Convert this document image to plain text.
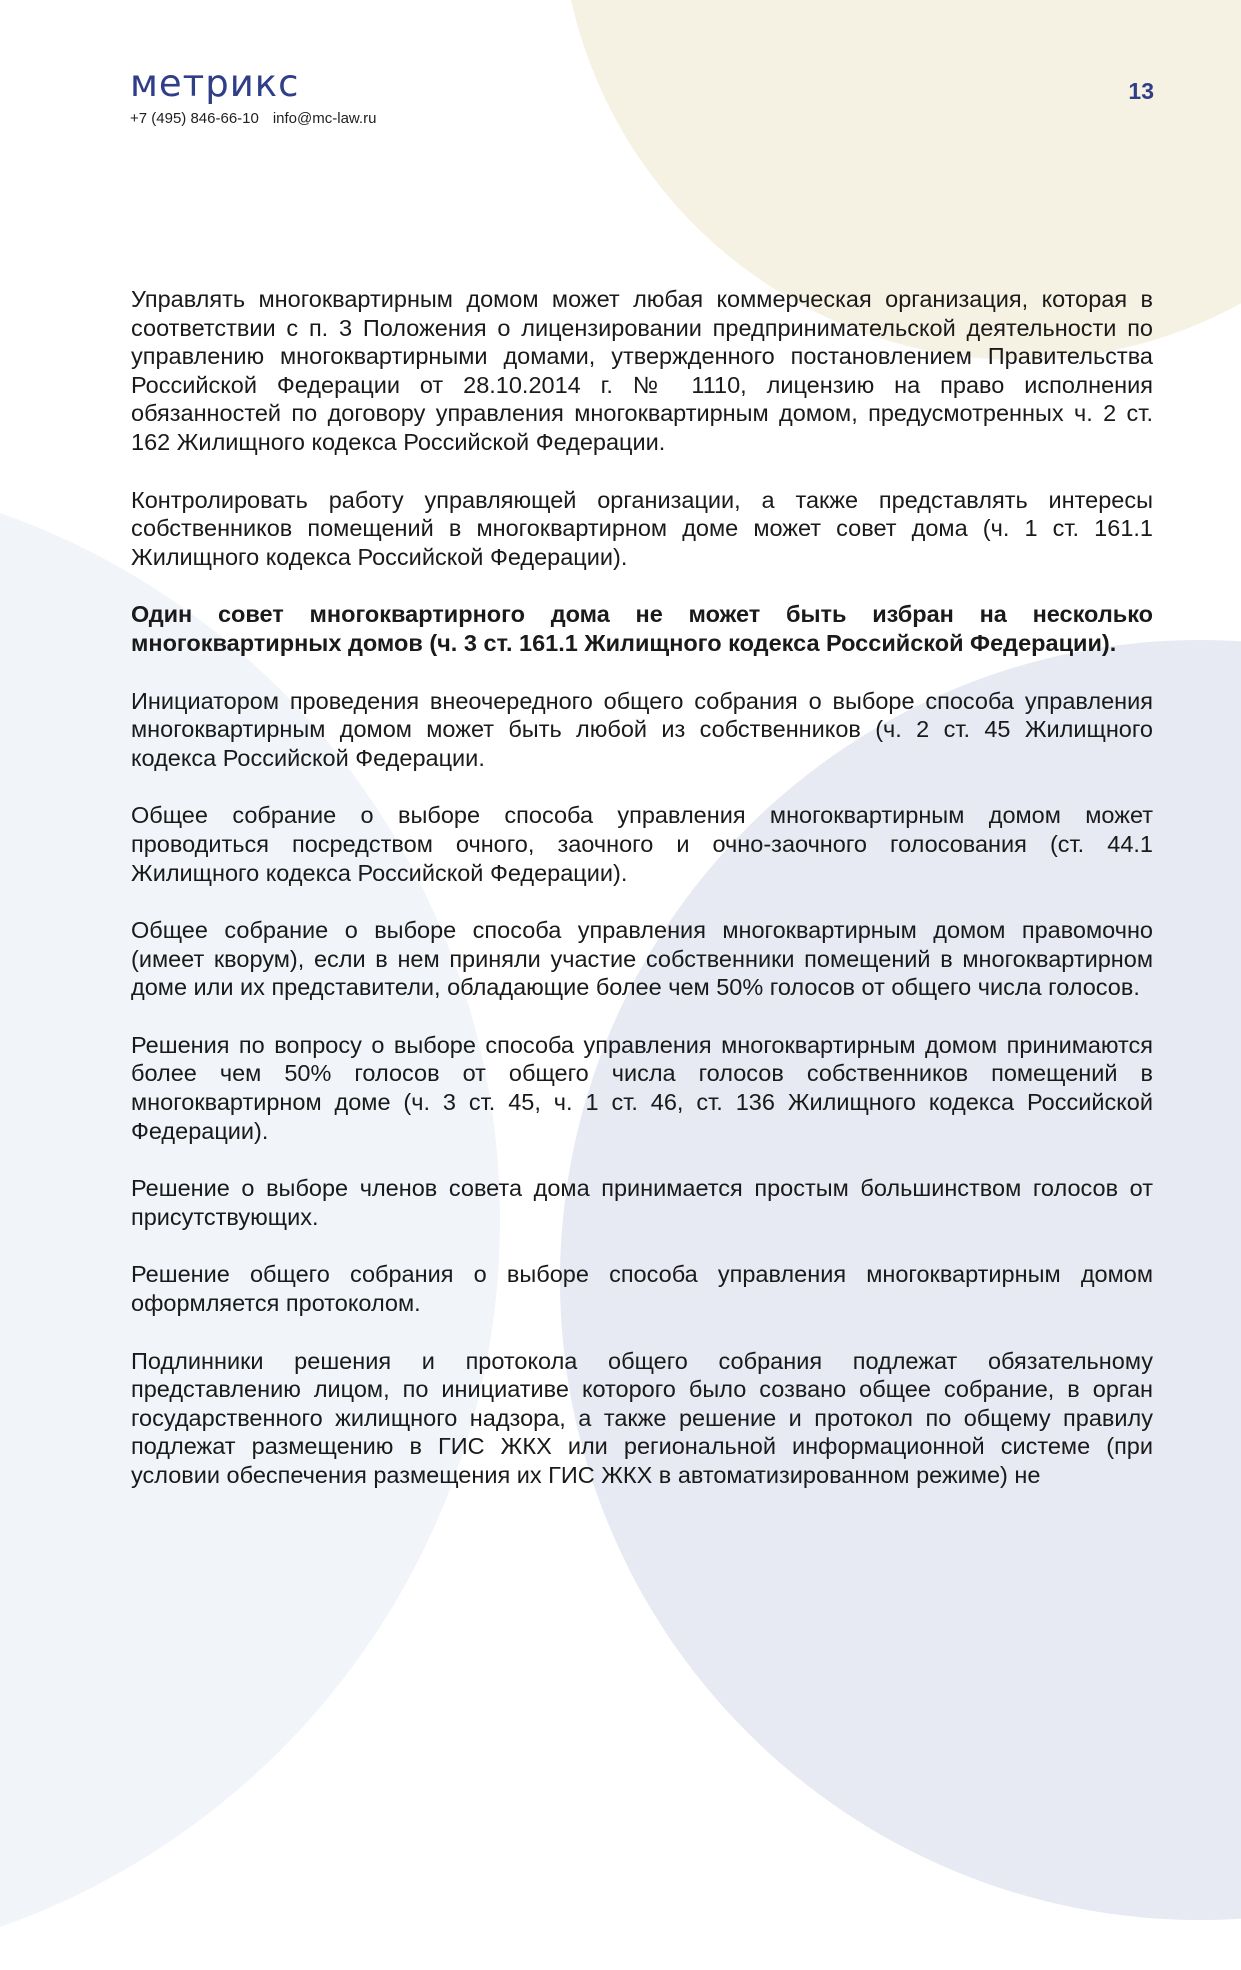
метрикс
+7 (495) 846-66-10 info@mc-law.ru
13

Управлять многоквартирным домом может любая коммерческая организация, которая в соответствии с п. 3 Положения о лицензировании предпринимательской деятельности по управлению многоквартирными домами, утвержденного постановлением Правительства Российской Федерации от 28.10.2014 г. № 1110, лицензию на право исполнения обязанностей по договору управления многоквартирным домом, предусмотренных ч. 2 ст. 162 Жилищного кодекса Российской Федерации.

Контролировать работу управляющей организации, а также представлять интересы собственников помещений в многоквартирном доме может совет дома (ч. 1 ст. 161.1 Жилищного кодекса Российской Федерации).

Один совет многоквартирного дома не может быть избран на несколько многоквартирных домов (ч. 3 ст. 161.1 Жилищного кодекса Российской Федерации).

Инициатором проведения внеочередного общего собрания о выборе способа управления многоквартирным домом может быть любой из собственников (ч. 2 ст. 45 Жилищного кодекса Российской Федерации.

Общее собрание о выборе способа управления многоквартирным домом может проводиться посредством очного, заочного и очно-заочного голосования (ст. 44.1 Жилищного кодекса Российской Федерации).

Общее собрание о выборе способа управления многоквартирным домом правомочно (имеет кворум), если в нем приняли участие собственники помещений в многоквартирном доме или их представители, обладающие более чем 50% голосов от общего числа голосов.

Решения по вопросу о выборе способа управления многоквартирным домом принимаются более чем 50% голосов от общего числа голосов собственников помещений в многоквартирном доме (ч. 3 ст. 45, ч. 1 ст. 46, ст. 136 Жилищного кодекса Российской Федерации).

Решение о выборе членов совета дома принимается простым большинством голосов от присутствующих.

Решение общего собрания о выборе способа управления многоквартирным домом оформляется протоколом.

Подлинники решения и протокола общего собрания подлежат обязательному представлению лицом, по инициативе которого было созвано общее собрание, в орган государственного жилищного надзора, а также решение и протокол по общему правилу подлежат размещению в ГИС ЖКХ или региональной информационной системе (при условии обеспечения размещения их ГИС ЖКХ в автоматизированном режиме) не
